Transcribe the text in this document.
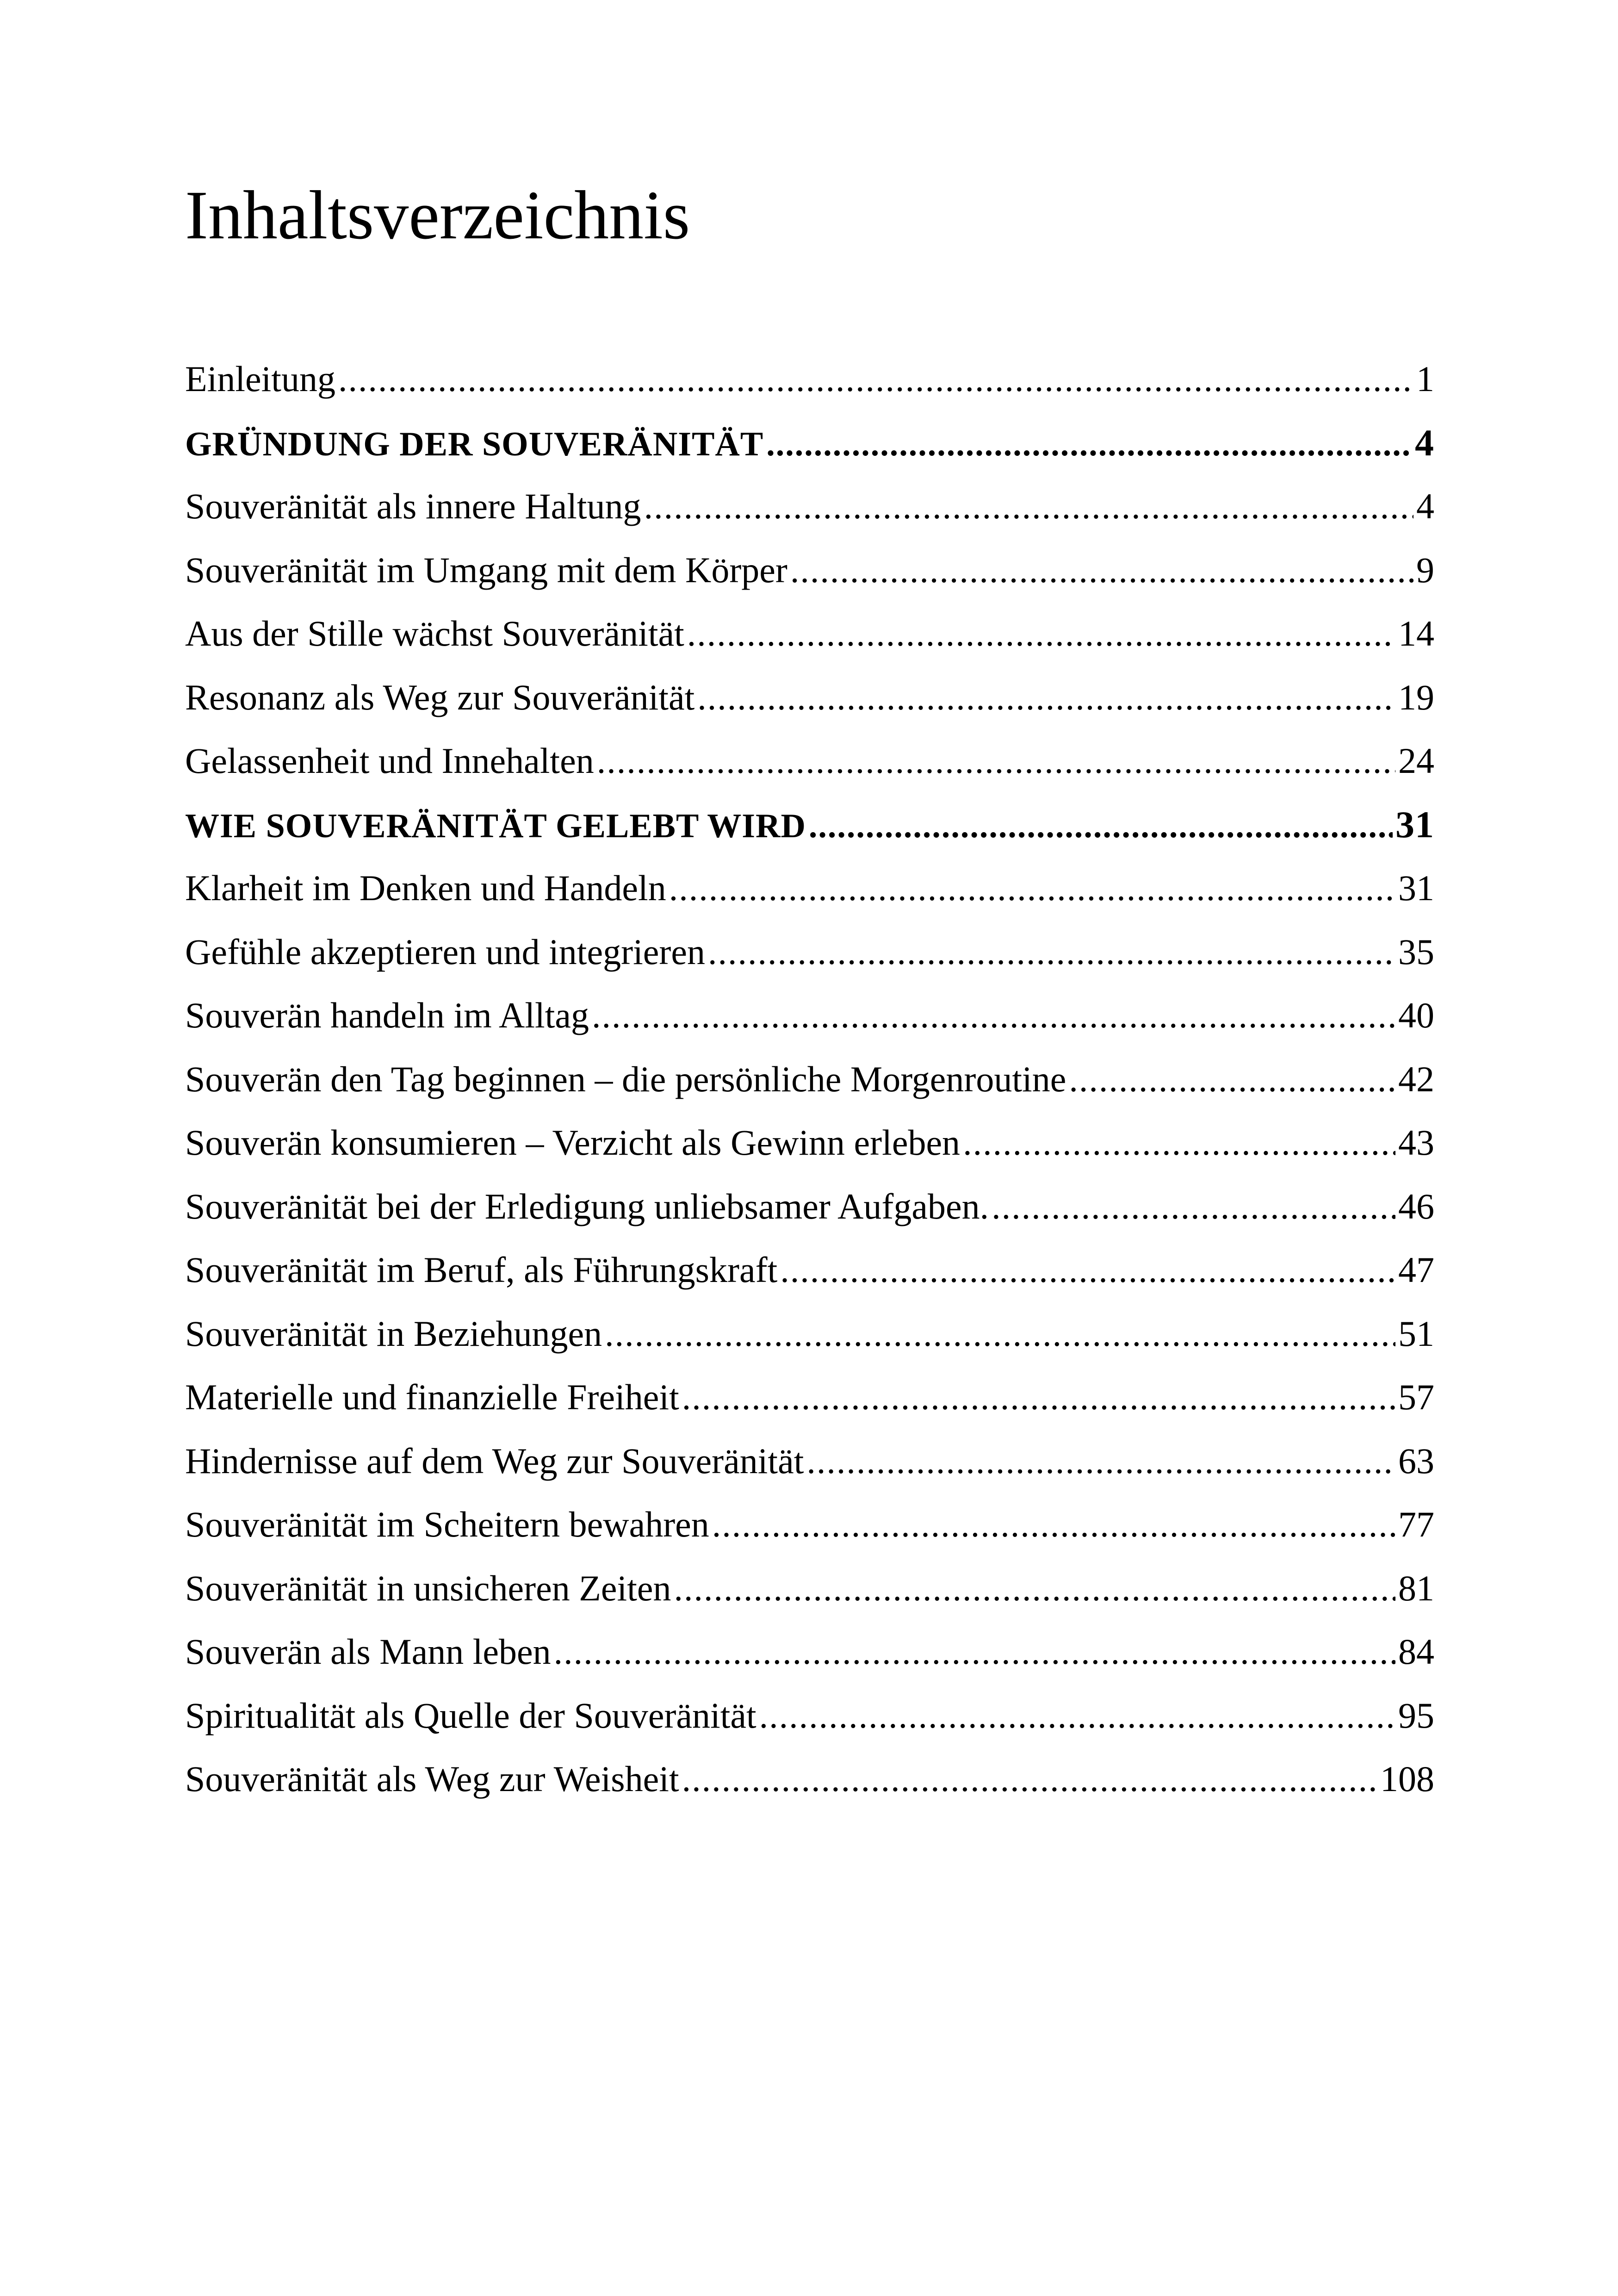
Inhaltsverzeichnis
Einleitung .....	1
GRÜNDUNG DER SOUVERÄNITÄT .....	4
Souveränität als innere Haltung .....	4
Souveränität im Umgang mit dem Körper .....	9
Aus der Stille wächst Souveränität .....	14
Resonanz als Weg zur Souveränität .....	19
Gelassenheit und Innehalten .....	24
WIE SOUVERÄNITÄT GELEBT WIRD .....	31
Klarheit im Denken und Handeln .....	31
Gefühle akzeptieren und integrieren .....	35
Souverän handeln im Alltag .....	40
Souverän den Tag beginnen – die persönliche Morgenroutine .....	42
Souverän konsumieren – Verzicht als Gewinn erleben .....	43
Souveränität bei der Erledigung unliebsamer Aufgaben. .....	46
Souveränität im Beruf, als Führungskraft .....	47
Souveränität in Beziehungen .....	51
Materielle und finanzielle Freiheit .....	57
Hindernisse auf dem Weg zur Souveränität .....	63
Souveränität im Scheitern bewahren .....	77
Souveränität in unsicheren Zeiten .....	81
Souverän als Mann leben .....	84
Spiritualität als Quelle der Souveränität .....	95
Souveränität als Weg zur Weisheit .....	108
